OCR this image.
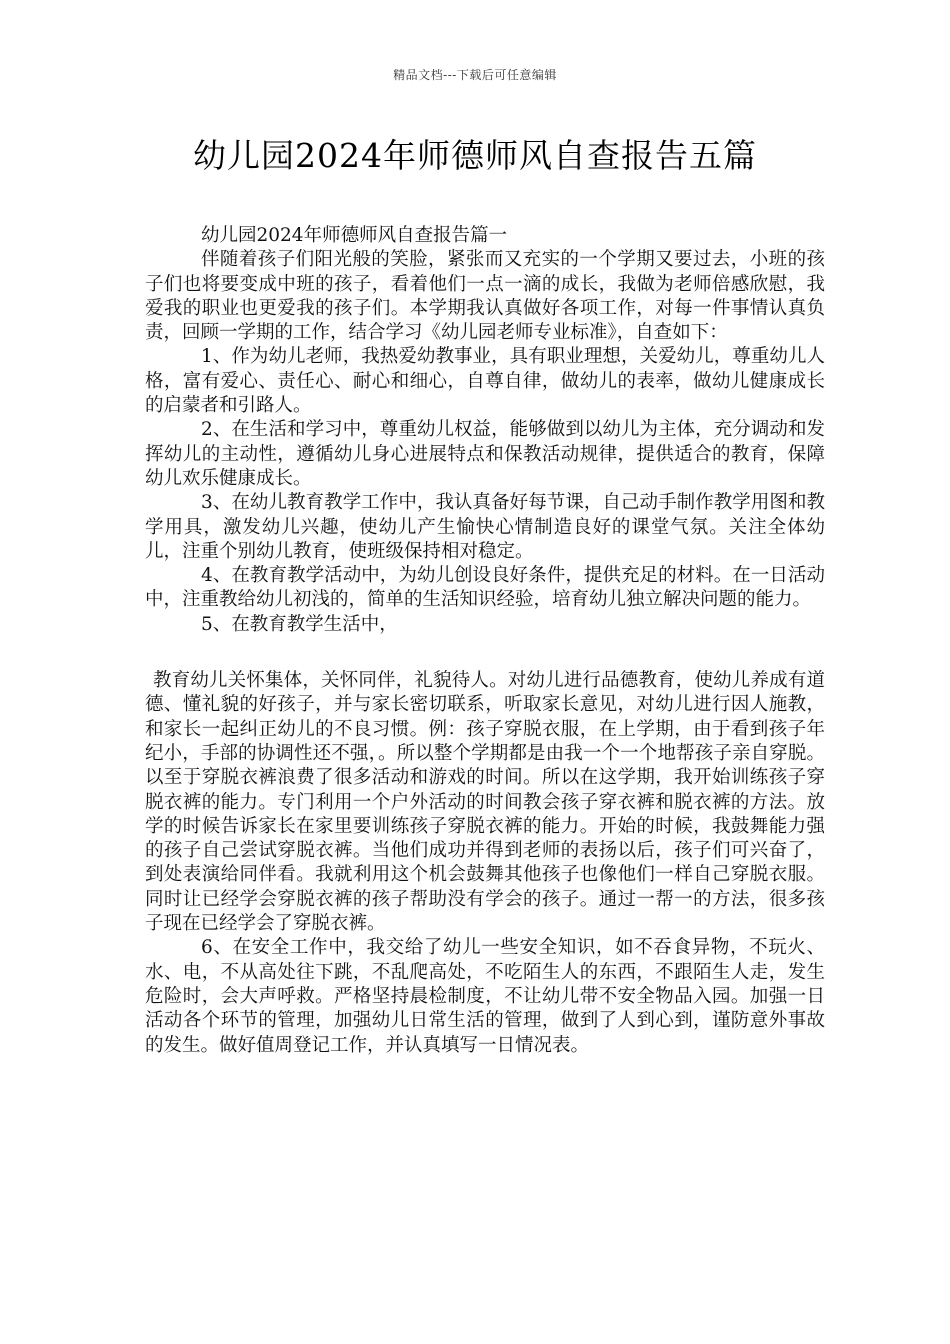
精品文档---下载后可任意编辑
幼儿园2024年师德师风自查报告五篇

幼儿园2024年师德师风自查报告篇一

伴随着孩子们阳光般的笑脸，紧张而又充实的一个学期又要过去，小班的孩子们也将要变成中班的孩子，看着他们一点一滴的成长，我做为老师倍感欣慰，我爱我的职业也更爱我的孩子们。本学期我认真做好各项工作，对每一件事情认真负责，回顾一学期的工作，结合学习《幼儿园老师专业标准》，自查如下：

1、作为幼儿老师，我热爱幼教事业，具有职业理想，关爱幼儿，尊重幼儿人格，富有爱心、责任心、耐心和细心，自尊自律，做幼儿的表率，做幼儿健康成长的启蒙者和引路人。

2、在生活和学习中，尊重幼儿权益，能够做到以幼儿为主体，充分调动和发挥幼儿的主动性，遵循幼儿身心进展特点和保教活动规律，提供适合的教育，保障幼儿欢乐健康成长。

3、在幼儿教育教学工作中，我认真备好每节课，自己动手制作教学用图和教学用具，激发幼儿兴趣，使幼儿产生愉快心情制造良好的课堂气氛。关注全体幼儿，注重个别幼儿教育，使班级保持相对稳定。

4、在教育教学活动中，为幼儿创设良好条件，提供充足的材料。在一日活动中，注重教给幼儿初浅的，简单的生活知识经验，培育幼儿独立解决问题的能力。

5、在教育教学生活中，

教育幼儿关怀集体，关怀同伴，礼貌待人。对幼儿进行品德教育，使幼儿养成有道德、懂礼貌的好孩子，并与家长密切联系，听取家长意见，对幼儿进行因人施教，和家长一起纠正幼儿的不良习惯。例：孩子穿脱衣服，在上学期，由于看到孩子年纪小，手部的协调性还不强，。所以整个学期都是由我一个一个地帮孩子亲自穿脱。以至于穿脱衣裤浪费了很多活动和游戏的时间。所以在这学期，我开始训练孩子穿脱衣裤的能力。专门利用一个户外活动的时间教会孩子穿衣裤和脱衣裤的方法。放学的时候告诉家长在家里要训练孩子穿脱衣裤的能力。开始的时候，我鼓舞能力强的孩子自己尝试穿脱衣裤。当他们成功并得到老师的表扬以后，孩子们可兴奋了，到处表演给同伴看。我就利用这个机会鼓舞其他孩子也像他们一样自己穿脱衣服。同时让已经学会穿脱衣裤的孩子帮助没有学会的孩子。通过一帮一的方法，很多孩子现在已经学会了穿脱衣裤。

6、在安全工作中，我交给了幼儿一些安全知识，如不吞食异物，不玩火、水、电，不从高处往下跳，不乱爬高处，不吃陌生人的东西，不跟陌生人走，发生危险时，会大声呼救。严格坚持晨检制度，不让幼儿带不安全物品入园。加强一日活动各个环节的管理，加强幼儿日常生活的管理，做到了人到心到，谨防意外事故的发生。做好值周登记工作，并认真填写一日情况表。
